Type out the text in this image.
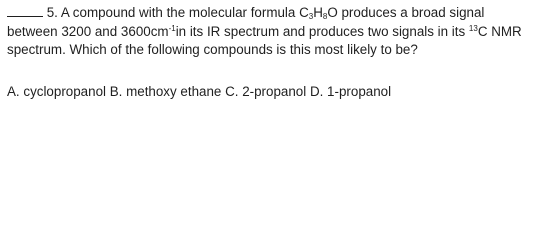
5. A compound with the molecular formula $C_3H_8O$ produces a broad signal between 3200 and $3600cm^{-1}in$ its IR spectrum and produces two signals in its $^{13}$C NMR spectrum. Which of the following compounds is this most likely to be?
A. cyclopropanol B. methoxy ethane C. 2-propanol D. 1-propanol
